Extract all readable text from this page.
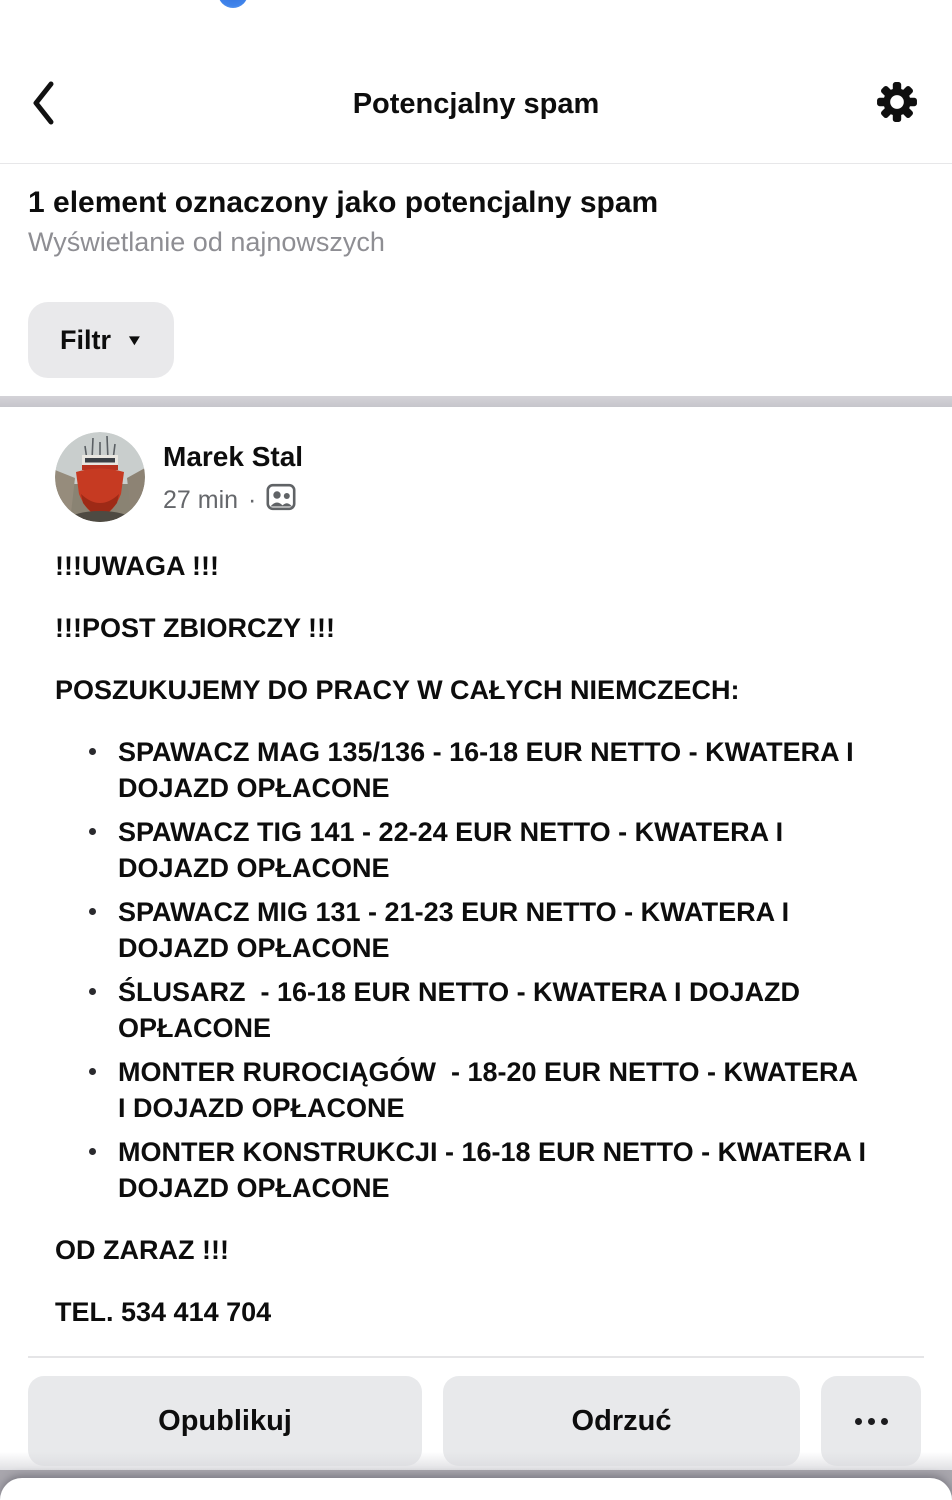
Potencjalny spam
1 element oznaczony jako potencjalny spam
Wyświetlanie od najnowszych
Filtr ▼
Marek Stal
27 min ·

!!!UWAGA !!!

!!!POST ZBIORCZY !!!

POSZUKUJEMY DO PRACY W CAŁYCH NIEMCZECH:

SPAWACZ MAG 135/136 - 16-18 EUR NETTO - KWATERA I DOJAZD OPŁACONE
SPAWACZ TIG 141 - 22-24 EUR NETTO - KWATERA I DOJAZD OPŁACONE
SPAWACZ MIG 131 - 21-23 EUR NETTO - KWATERA I DOJAZD OPŁACONE
ŚLUSARZ  - 16-18 EUR NETTO - KWATERA I DOJAZD OPŁACONE
MONTER RUROCIĄGÓW  - 18-20 EUR NETTO - KWATERA I DOJAZD OPŁACONE
MONTER KONSTRUKCJI - 16-18 EUR NETTO - KWATERA I DOJAZD OPŁACONE

OD ZARAZ !!!

TEL. 534 414 704

Opublikuj	Odrzuć
